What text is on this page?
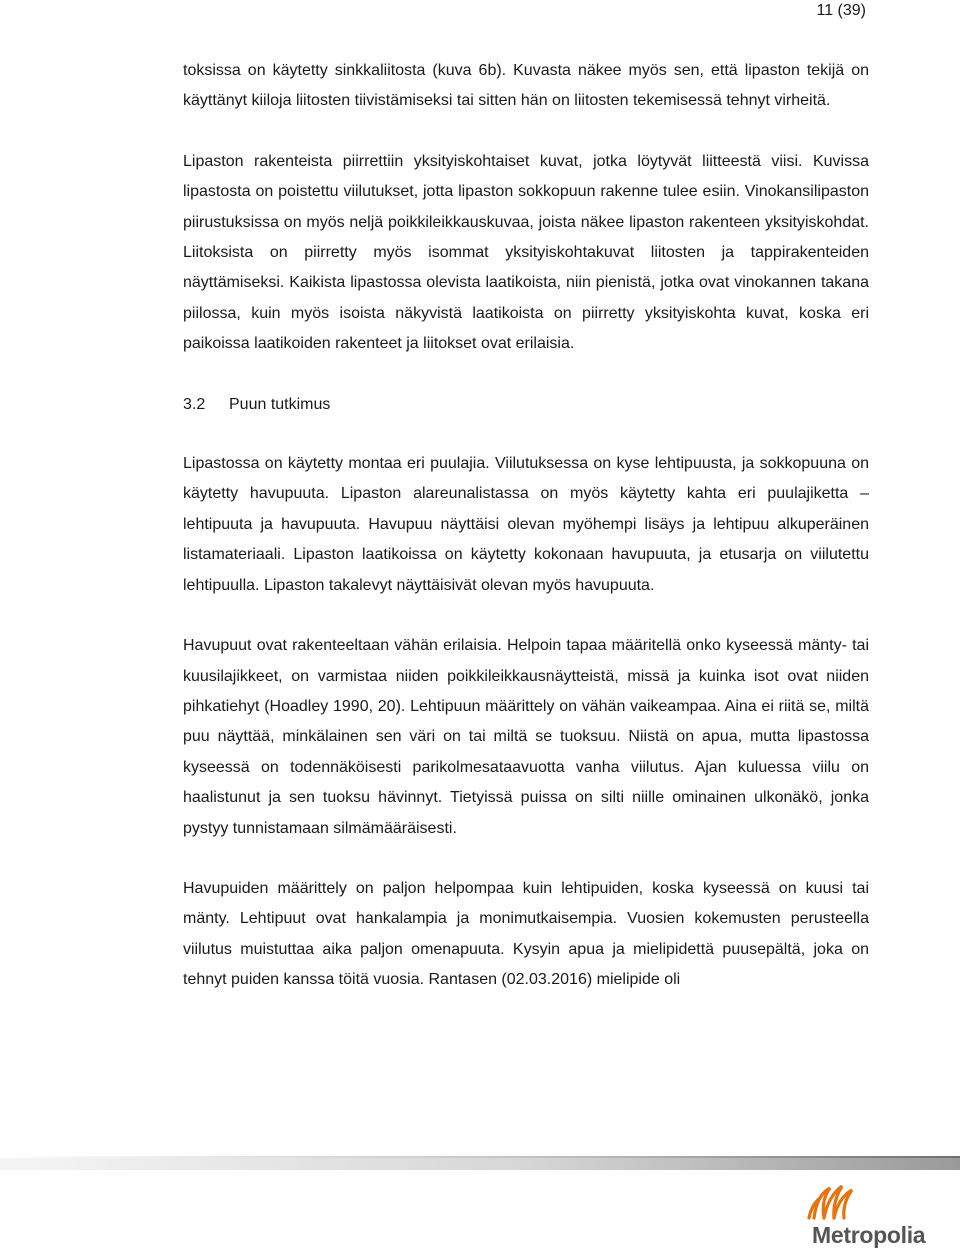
11 (39)

toksissa on käytetty sinkkaliitosta (kuva 6b). Kuvasta näkee myös sen, että lipaston tekijä on käyttänyt kiiloja liitosten tiivistämiseksi tai sitten hän on liitosten tekemisessä tehnyt virheitä.

Lipaston rakenteista piirrettiin yksityiskohtaiset kuvat, jotka löytyvät liitteestä viisi. Kuvissa lipastosta on poistettu viilutukset, jotta lipaston sokkopuun rakenne tulee esiin. Vinokansilipaston piirustuksissa on myös neljä poikkileikkauskuvaa, joista näkee lipaston rakenteen yksityiskohdat. Liitoksista on piirretty myös isommat yksityiskohtakuvat liitosten ja tappirakenteiden näyttämiseksi. Kaikista lipastossa olevista laatikoista, niin pienistä, jotka ovat vinokannen takana piilossa, kuin myös isoista näkyvistä laatikoista on piirretty yksityiskohta kuvat, koska eri paikoissa laatikoiden rakenteet ja liitokset ovat erilaisia.

3.2	Puun tutkimus

Lipastossa on käytetty montaa eri puulajia. Viilutuksessa on kyse lehtipuusta, ja sokkopuuna on käytetty havupuuta. Lipaston alareunalistassa on myös käytetty kahta eri puulajiketta – lehtipuuta ja havupuuta. Havupuu näyttäisi olevan myöhempi lisäys ja lehtipuu alkuperäinen listamateriaali. Lipaston laatikoissa on käytetty kokonaan havupuuta, ja etusarja on viilutettu lehtipuulla. Lipaston takalevyt näyttäisivät olevan myös havupuuta.

Havupuut ovat rakenteeltaan vähän erilaisia. Helpoin tapaa määritellä onko kyseessä mänty- tai kuusilajikkeet, on varmistaa niiden poikkileikkausnäytteistä, missä ja kuinka isot ovat niiden pihkatiehyt (Hoadley 1990, 20). Lehtipuun määrittely on vähän vaikeampaa. Aina ei riitä se, miltä puu näyttää, minkälainen sen väri on tai miltä se tuoksuu. Niistä on apua, mutta lipastossa kyseessä on todennäköisesti parikolmesataavuotta vanha viilutus. Ajan kuluessa viilu on haalistunut ja sen tuoksu hävinnyt. Tietyissä puissa on silti niille ominainen ulkonäkö, jonka pystyy tunnistamaan silmämääräisesti.

Havupuiden määrittely on paljon helpompaa kuin lehtipuiden, koska kyseessä on kuusi tai mänty. Lehtipuut ovat hankalampia ja monimutkaisempia. Vuosien kokemusten perusteella viilutus muistuttaa aika paljon omenapuuta. Kysyin apua ja mielipidettä puusepältä, joka on tehnyt puiden kanssa töitä vuosia. Rantasen (02.03.2016) mielipide oli

Metropolia
